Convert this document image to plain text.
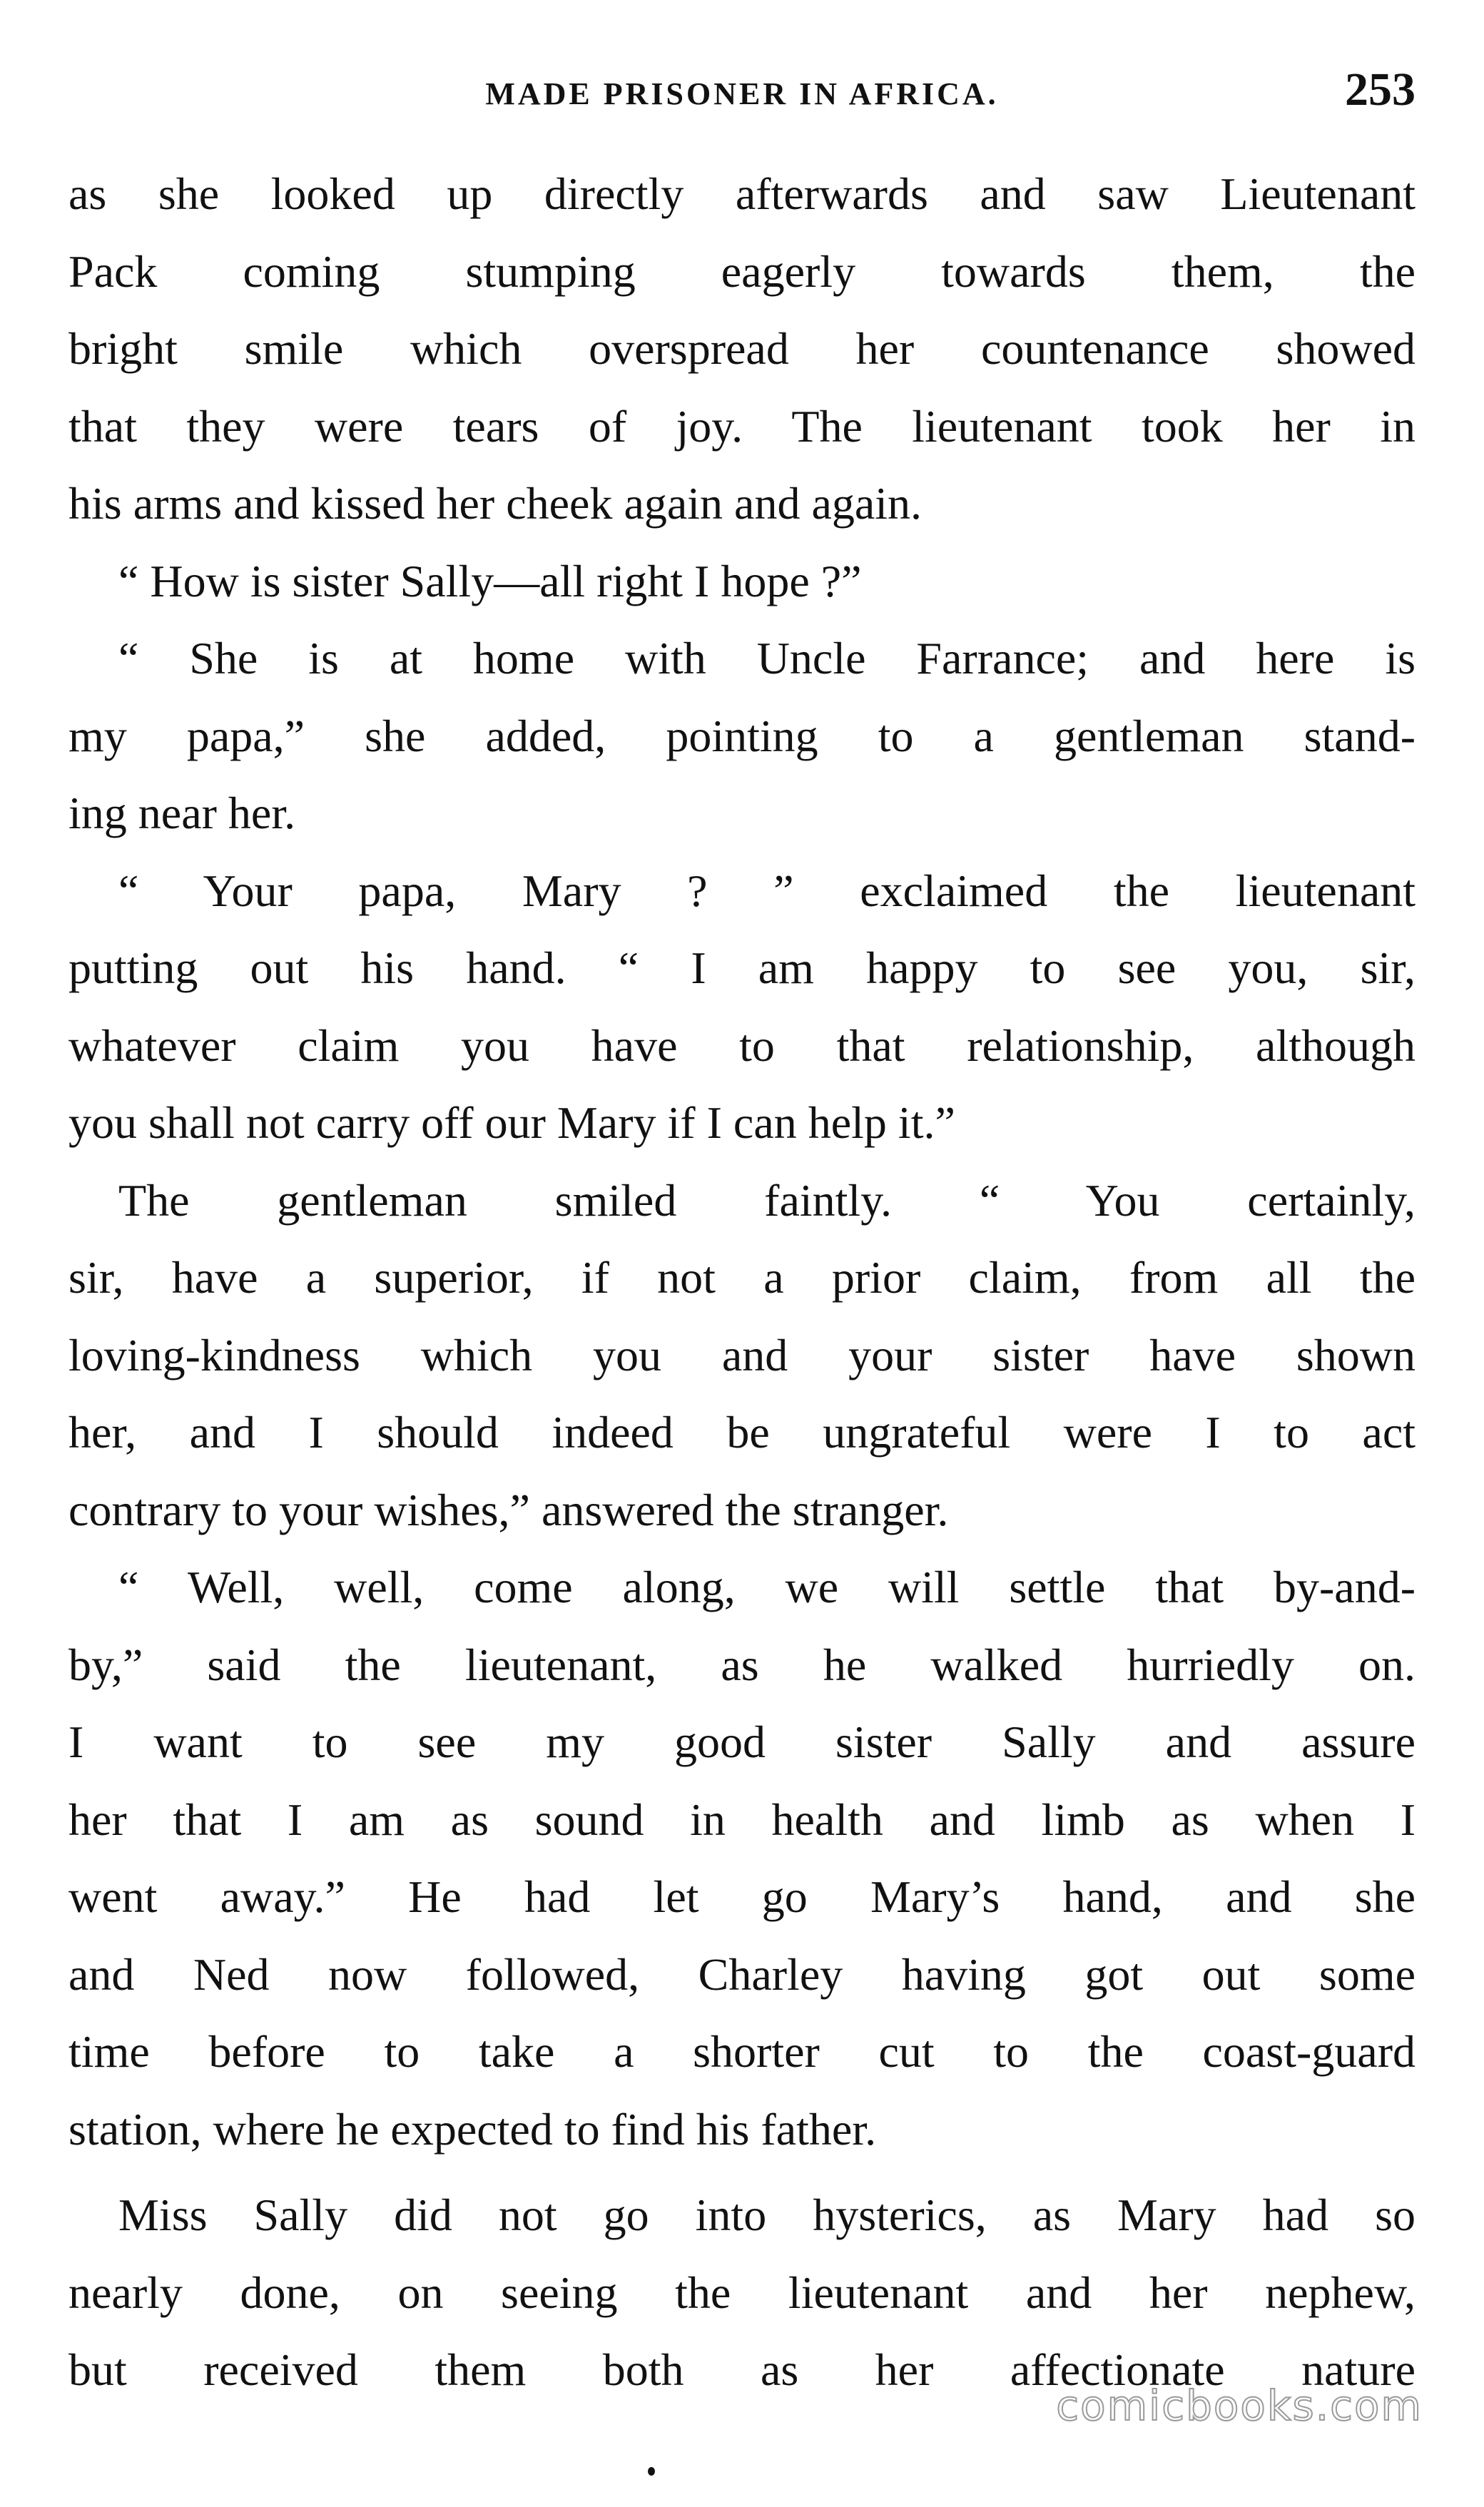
MADE PRISONER IN AFRICA.	253
as she looked up directly afterwards and saw Lieutenant
Pack coming stumping eagerly towards them, the
bright smile which overspread her countenance showed
that they were tears of joy. The lieutenant took her in
his arms and kissed her cheek again and again.
“ How is sister Sally—all right I hope ?”
“ She is at home with Uncle Farrance; and here is
my papa,” she added, pointing to a gentleman stand-
ing near her.
“ Your papa, Mary ? ” exclaimed the lieutenant
putting out his hand. “ I am happy to see you, sir,
whatever claim you have to that relationship, although
you shall not carry off our Mary if I can help it.”
The gentleman smiled faintly. “ You certainly,
sir, have a superior, if not a prior claim, from all the
loving-kindness which you and your sister have shown
her, and I should indeed be ungrateful were I to act
contrary to your wishes,” answered the stranger.
“ Well, well, come along, we will settle that by-and-
by,” said the lieutenant, as he walked hurriedly on.
I want to see my good sister Sally and assure
her that I am as sound in health and limb as when I
went away.” He had let go Mary’s hand, and she
and Ned now followed, Charley having got out some
time before to take a shorter cut to the coast-guard
station, where he expected to find his father.
Miss Sally did not go into hysterics, as Mary had so
nearly done, on seeing the lieutenant and her nephew,
but received them both as her affectionate nature
comicbooks.com
